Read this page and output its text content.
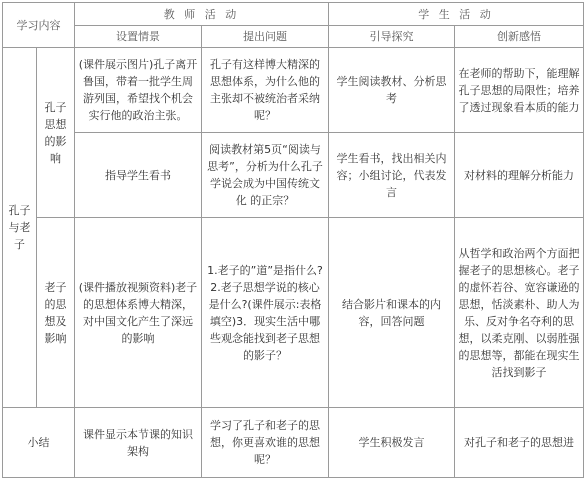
学习内容		教 师 活 动		学 生 活 动	
		设置情景	提出问题	引导探究	创新感悟
孔子与老子	孔子思想的影响	(课件展示图片)孔子离开鲁国，带着一批学生周游列国，希望找个机会实行他的政治主张。	孔子有这样博大精深的思想体系，为什么他的主张却不被统治者采纳呢？	学生阅读教材、分析思考	在老师的帮助下，能理解孔子思想的局限性；培养了透过现象看本质的能力
		指导学生看书	阅读教材第5页“阅读与思考”，分析为什么孔子学说会成为中国传统文化 的正宗？	学生看书，找出相关内容；小组讨论，代表发言	对材料的理解分析能力
	老子的思想及影响	(课件播放视频资料)老子的思想体系博大精深，对中国文化产生了深远的影响	1.老子的”道”是指什么?2.老子思想学说的核心是什么?(课件展示:表格填空)3．现实生活中哪些观念能找到老子思想的影子？	结合影片和课本的内容，回答问题	从哲学和政治两个方面把握老子的思想核心。老子的虚怀若谷、宽容谦逊的思想，恬淡素朴、助人为乐、反对争名夺利的思想，以柔克刚、以弱胜强的思想等，都能在现实生活找到影子
小结		课件显示本节课的知识架构	学习了孔子和老子的思想，你更喜欢谁的思想呢？	学生积极发言	对孔子和老子的思想进
